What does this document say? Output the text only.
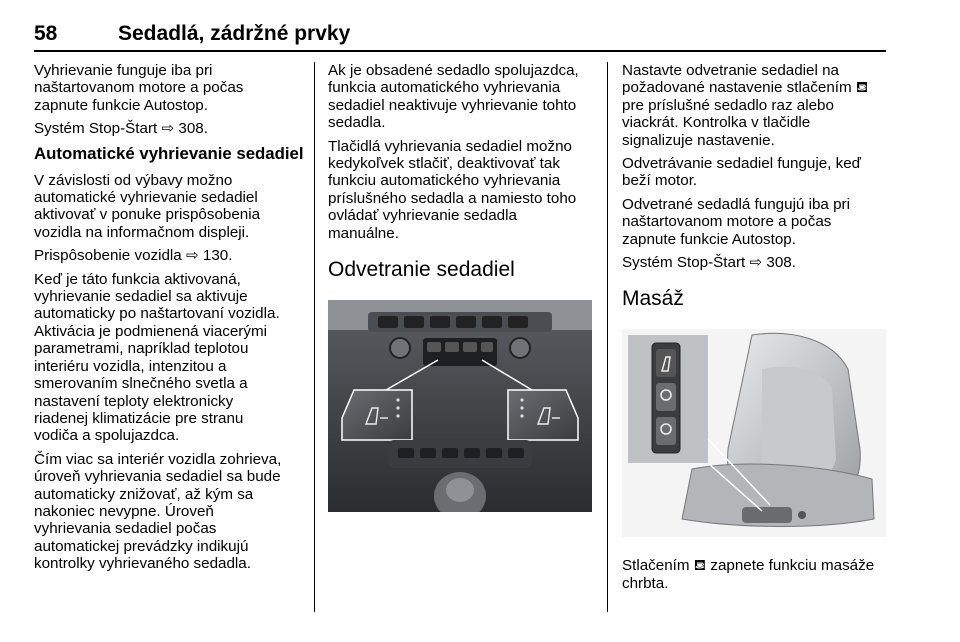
58	Sedadlá, zádržné prvky

Vyhrievanie funguje iba pri
naštartovanom motore a počas
zapnute funkcie Autostop.

Systém Stop-Štart ⇨ 308.

Automatické vyhrievanie sedadiel

V závislosti od výbavy možno
automatické vyhrievanie sedadiel
aktivovať v ponuke prispôsobenia
vozidla na informačnom displeji.

Prispôsobenie vozidla ⇨ 130.

Keď je táto funkcia aktivovaná,
vyhrievanie sedadiel sa aktivuje
automaticky po naštartovaní vozidla.
Aktivácia je podmienená viacerými
parametrami, napríklad teplotou
interiéru vozidla, intenzitou a
smerovaním slnečného svetla a
nastavení teploty elektronicky
riadenej klimatizácie pre stranu
vodiča a spolujazdca.

Čím viac sa interiér vozidla zohrieva,
úroveň vyhrievania sedadiel sa bude
automaticky znižovať, až kým sa
nakoniec nevypne. Úroveň
vyhrievania sedadiel počas
automatickej prevádzky indikujú
kontrolky vyhrievaného sedadla.

Ak je obsadené sedadlo spolujazdca,
funkcia automatického vyhrievania
sedadiel neaktivuje vyhrievanie tohto
sedadla.

Tlačidlá vyhrievania sedadiel možno
kedykoľvek stlačiť, deaktivovať tak
funkciu automatického vyhrievania
príslušného sedadla a namiesto toho
ovládať vyhrievanie sedadla
manuálne.

Odvetranie sedadiel

Nastavte odvetranie sedadiel na
požadované nastavenie stlačením ⛾
pre príslušné sedadlo raz alebo
viackrát. Kontrolka v tlačidle
signalizuje nastavenie.

Odvetrávanie sedadiel funguje, keď
beží motor.

Odvetrané sedadlá fungujú iba pri
naštartovanom motore a počas
zapnute funkcie Autostop.

Systém Stop-Štart ⇨ 308.

Masáž

Stlačením ⛾ zapnete funkciu masáže
chrbta.
